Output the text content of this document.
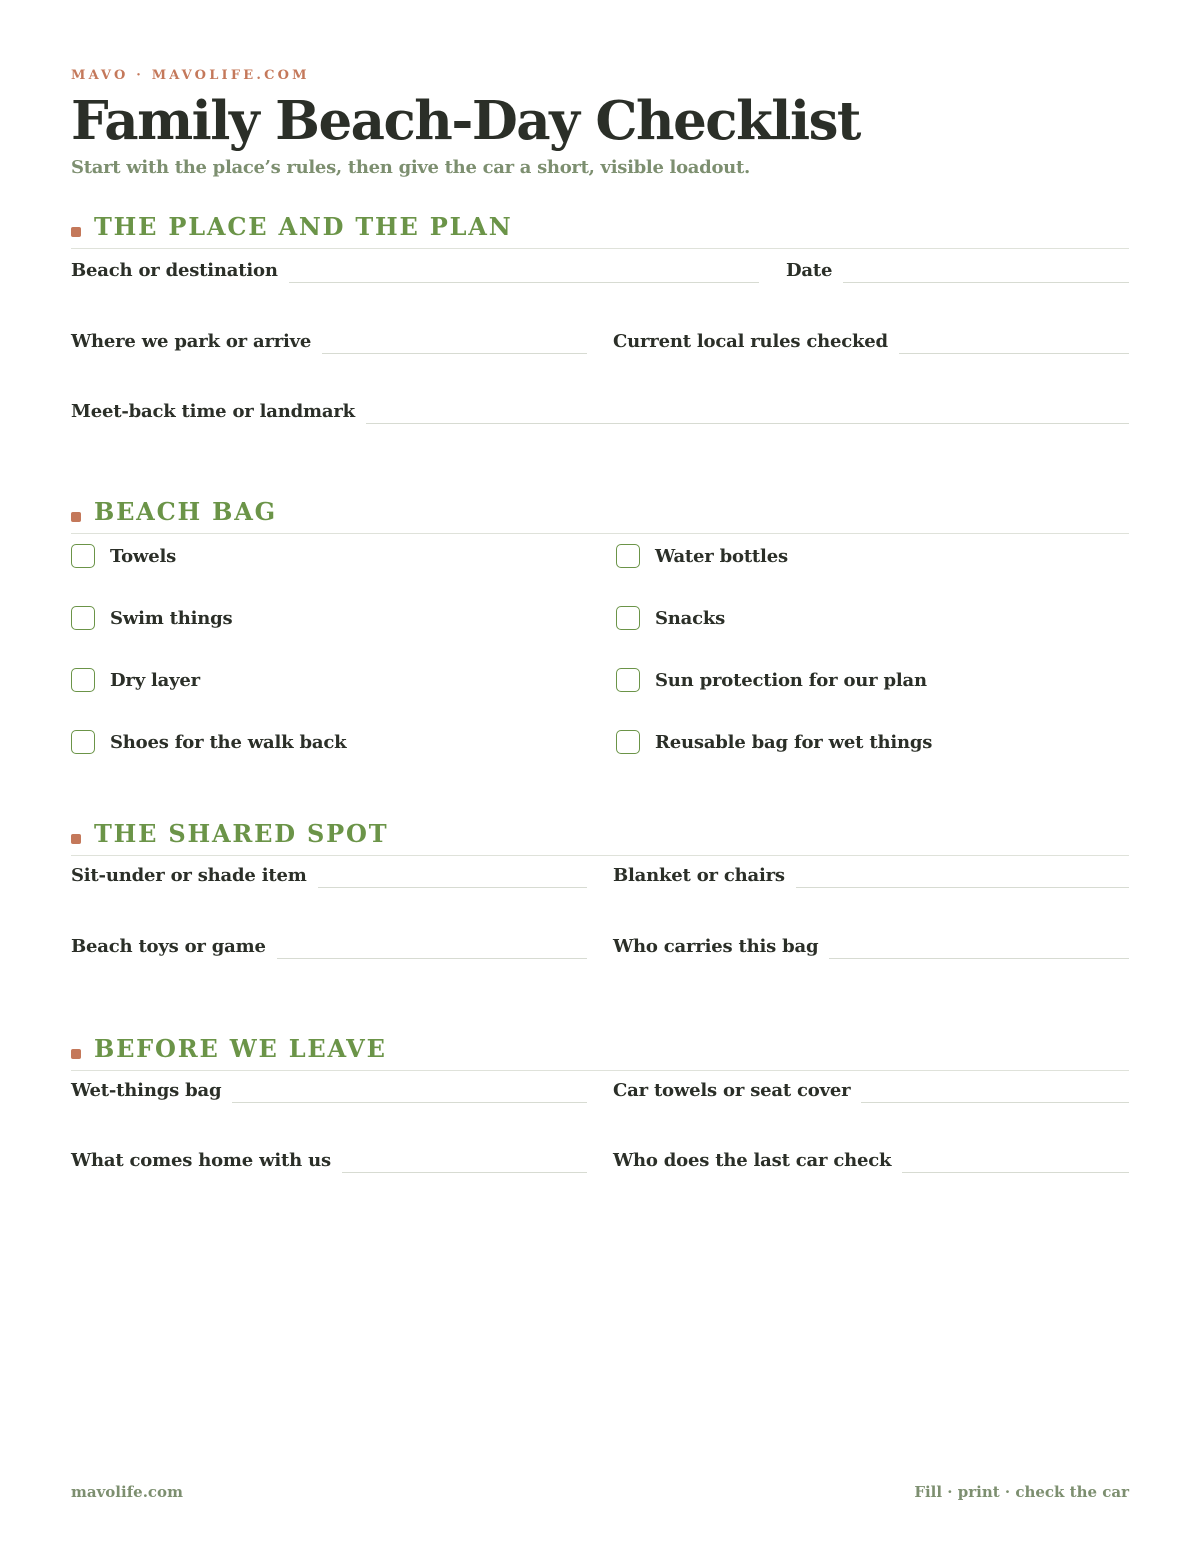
MAVO · MAVOLIFE.COM
Family Beach-Day Checklist
Start with the place’s rules, then give the car a short, visible loadout.
THE PLACE AND THE PLAN
Beach or destination	Date
Where we park or arrive	Current local rules checked
Meet-back time or landmark
BEACH BAG
Towels	Water bottles
Swim things	Snacks
Dry layer	Sun protection for our plan
Shoes for the walk back	Reusable bag for wet things
THE SHARED SPOT
Sit-under or shade item	Blanket or chairs
Beach toys or game	Who carries this bag
BEFORE WE LEAVE
Wet-things bag	Car towels or seat cover
What comes home with us	Who does the last car check
mavolife.com	Fill · print · check the car
